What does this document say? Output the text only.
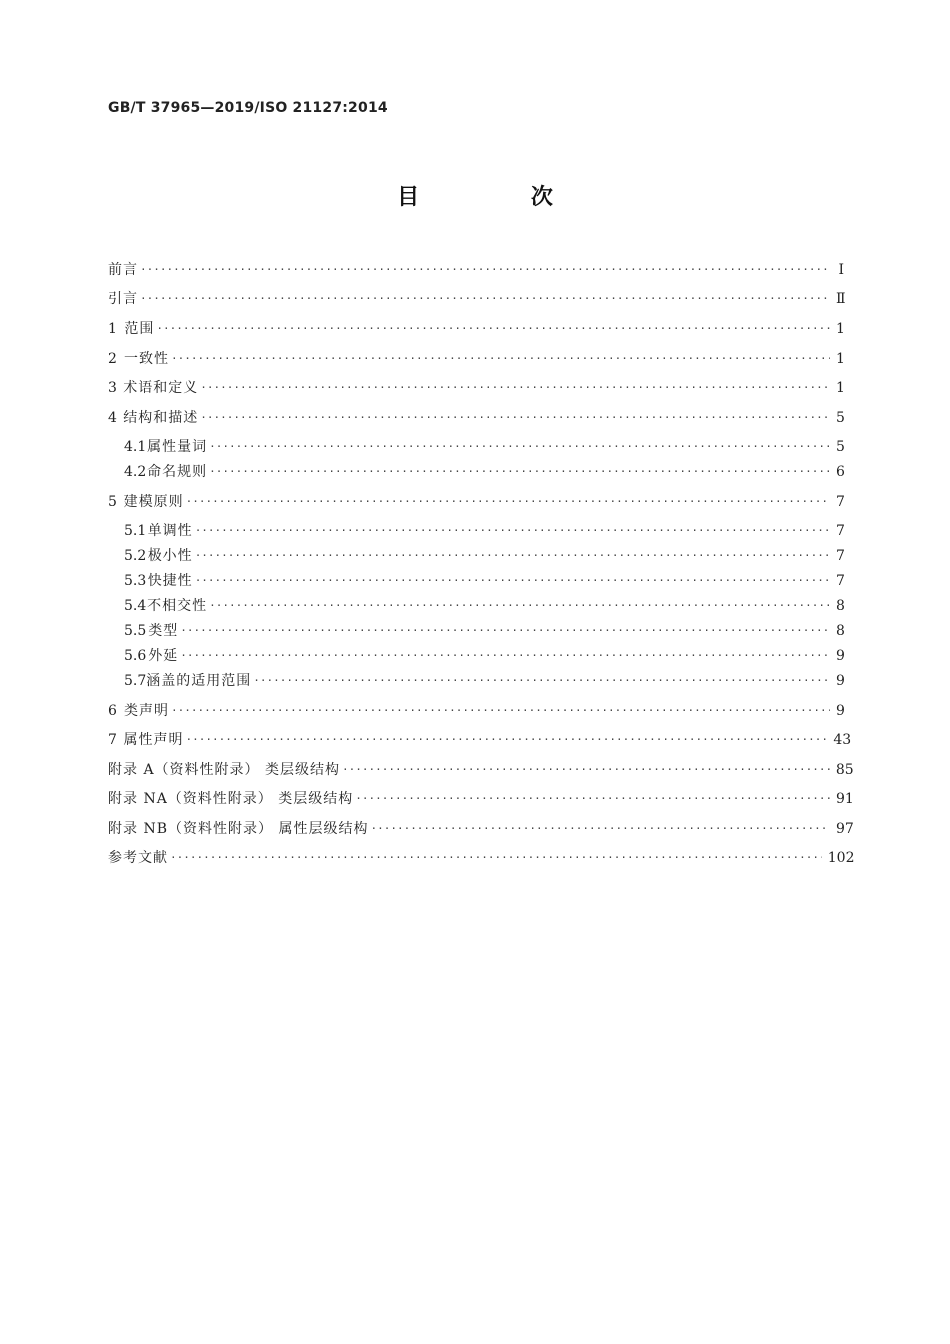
GB/T 37965—2019/ISO 21127:2014
目 次
前言 ·····	Ⅰ
引言 ·····	Ⅱ
1 范围 ·····	1
2 一致性 ·····	1
3 术语和定义 ·····	1
4 结构和描述 ·····	5
4.1 属性量词 ·····	5
4.2 命名规则 ·····	6
5 建模原则 ·····	7
5.1 单调性 ·····	7
5.2 极小性 ·····	7
5.3 快捷性 ·····	7
5.4 不相交性 ·····	8
5.5 类型 ·····	8
5.6 外延 ·····	9
5.7 涵盖的适用范围 ·····	9
6 类声明 ·····	9
7 属性声明 ·····	43
附录 A（资料性附录） 类层级结构 ·····	85
附录 NA（资料性附录） 类层级结构 ·····	91
附录 NB（资料性附录） 属性层级结构 ·····	97
参考文献 ·····	102
